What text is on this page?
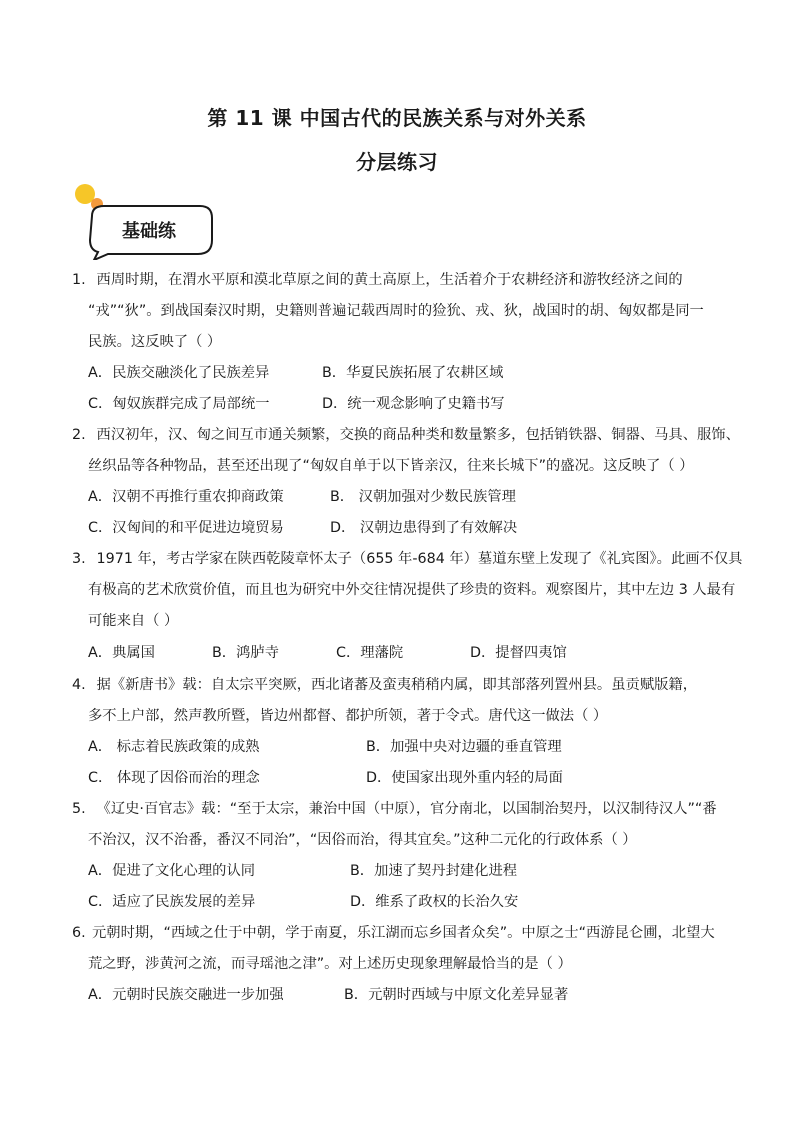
第 11 课 中国古代的民族关系与对外关系
分层练习
基础练
1. 西周时期，在渭水平原和漠北草原之间的黄土高原上，生活着介于农耕经济和游牧经济之间的
“戎”“狄”。到战国秦汉时期，史籍则普遍记载西周时的猃狁、戎、狄，战国时的胡、匈奴都是同一
民族。这反映了（ ）
A．民族交融淡化了民族差异	B．华夏民族拓展了农耕区域
C．匈奴族群完成了局部统一	D．统一观念影响了史籍书写
2. 西汉初年，汉、匈之间互市通关频繁，交换的商品种类和数量繁多，包括销铁器、铜器、马具、服饰、
丝织品等各种物品，甚至还出现了“匈奴自单于以下皆亲汉，往来长城下”的盛况。这反映了（ ）
A．汉朝不再推行重农抑商政策	B． 汉朝加强对少数民族管理
C．汉匈间的和平促进边境贸易	D． 汉朝边患得到了有效解决
3. 1971 年，考古学家在陕西乾陵章怀太子（655 年-684 年）墓道东壁上发现了《礼宾图》。此画不仅具
有极高的艺术欣赏价值，而且也为研究中外交往情况提供了珍贵的资料。观察图片，其中左边 3 人最有
可能来自（ ）
A．典属国	B．鸿胪寺	C．理藩院	D．提督四夷馆
4. 据《新唐书》载：自太宗平突厥，西北诸蕃及蛮夷稍稍内属，即其部落列置州县。虽贡赋版籍，
多不上户部，然声教所暨，皆边州都督、都护所领，著于令式。唐代这一做法（ ）
A． 标志着民族政策的成熟	B．加强中央对边疆的垂直管理
C． 体现了因俗而治的理念	D．使国家出现外重内轻的局面
5. 《辽史·百官志》载：“至于太宗，兼治中国（中原），官分南北，以国制治契丹，以汉制待汉人”“番
不治汉，汉不治番，番汉不同治”，“因俗而治，得其宜矣。”这种二元化的行政体系（ ）
A．促进了文化心理的认同	B．加速了契丹封建化进程
C．适应了民族发展的差异	D．维系了政权的长治久安
6. 元朝时期，“西域之仕于中朝，学于南夏，乐江湖而忘乡国者众矣”。中原之士“西游昆仑圃，北望大
荒之野，涉黄河之流，而寻瑶池之津”。对上述历史现象理解最恰当的是（ ）
A．元朝时民族交融进一步加强	B．元朝时西域与中原文化差异显著
